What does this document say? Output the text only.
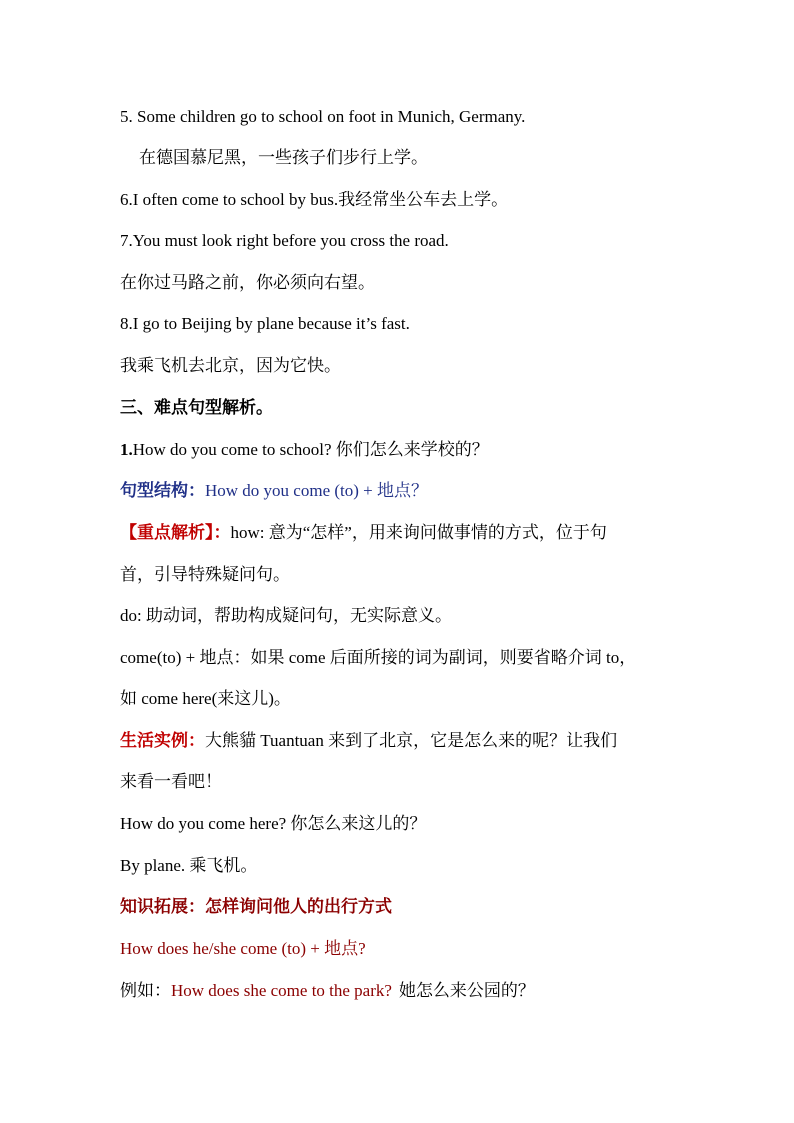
5. Some children go to school on foot in Munich, Germany.
在德国慕尼黑，一些孩子们步行上学。
6.I often come to school by bus.我经常坐公车去上学。
7.You must look right before you cross the road.
在你过马路之前，你必须向右望。
8.I go to Beijing by plane because it’s fast.
我乘飞机去北京，因为它快。
三、难点句型解析。
1.How do you come to school? 你们怎么来学校的？
句型结构：How do you come (to) + 地点？
【重点解析】：how: 意为“怎样”，用来询问做事情的方式，位于句
首，引导特殊疑问句。
do: 助动词，帮助构成疑问句，无实际意义。
come(to) + 地点：如果 come 后面所接的词为副词，则要省略介词 to，
如 come here(来这儿)。
生活实例：大熊貓 Tuantuan 来到了北京，它是怎么来的呢？让我们
来看一看吧！
How do you come here? 你怎么来这儿的？
By plane. 乘飞机。
知识拓展：怎样询问他人的出行方式
How does he/she come (to) + 地点?
例如：How does she come to the park? 她怎么来公园的？
